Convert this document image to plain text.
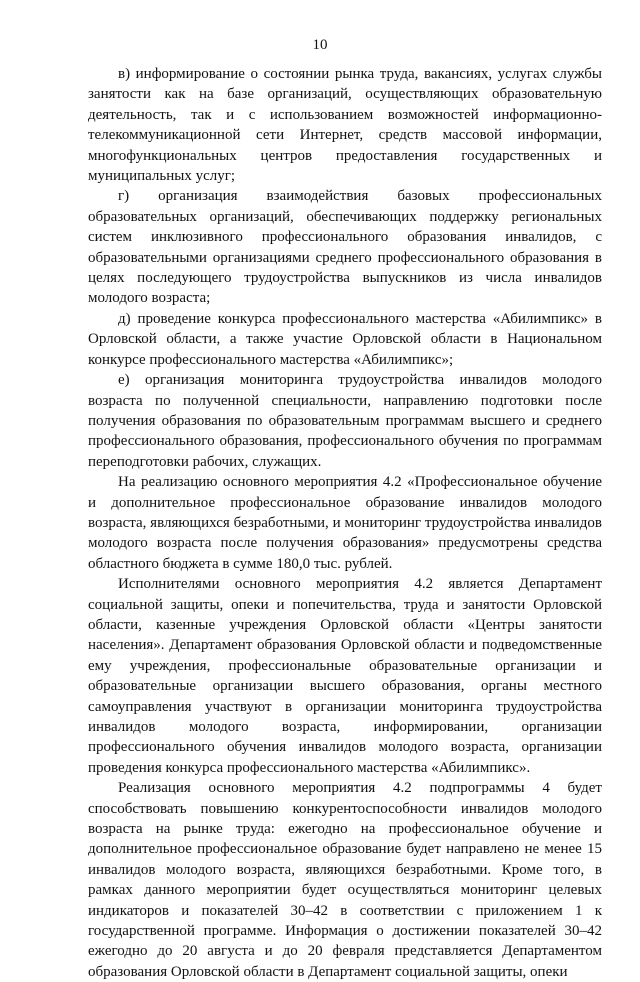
10

в) информирование о состоянии рынка труда, вакансиях, услугах службы занятости как на базе организаций, осуществляющих образовательную деятельность, так и с использованием возможностей информационно-телекоммуникационной сети Интернет, средств массовой информации, многофункциональных центров предоставления государственных и муниципальных услуг;

г) организация взаимодействия базовых профессиональных образовательных организаций, обеспечивающих поддержку региональных систем инклюзивного профессионального образования инвалидов, с образовательными организациями среднего профессионального образования в целях последующего трудоустройства выпускников из числа инвалидов молодого возраста;

д) проведение конкурса профессионального мастерства «Абилимпикс» в Орловской области, а также участие Орловской области в Национальном конкурсе профессионального мастерства «Абилимпикс»;

е) организация мониторинга трудоустройства инвалидов молодого возраста по полученной специальности, направлению подготовки после получения образования по образовательным программам высшего и среднего профессионального образования, профессионального обучения по программам переподготовки рабочих, служащих.

На реализацию основного мероприятия 4.2 «Профессиональное обучение и дополнительное профессиональное образование инвалидов молодого возраста, являющихся безработными, и мониторинг трудоустройства инвалидов молодого возраста после получения образования» предусмотрены средства областного бюджета в сумме 180,0 тыс. рублей.

Исполнителями основного мероприятия 4.2 является Департамент социальной защиты, опеки и попечительства, труда и занятости Орловской области, казенные учреждения Орловской области «Центры занятости населения». Департамент образования Орловской области и подведомственные ему учреждения, профессиональные образовательные организации и образовательные организации высшего образования, органы местного самоуправления участвуют в организации мониторинга трудоустройства инвалидов молодого возраста, информировании, организации профессионального обучения инвалидов молодого возраста, организации проведения конкурса профессионального мастерства «Абилимпикс».

Реализация основного мероприятия 4.2 подпрограммы 4 будет способствовать повышению конкурентоспособности инвалидов молодого возраста на рынке труда: ежегодно на профессиональное обучение и дополнительное профессиональное образование будет направлено не менее 15 инвалидов молодого возраста, являющихся безработными. Кроме того, в рамках данного мероприятии будет осуществляться мониторинг целевых индикаторов и показателей 30–42 в соответствии с приложением 1 к государственной программе. Информация о достижении показателей 30–42 ежегодно до 20 августа и до 20 февраля представляется Департаментом образования Орловской области в Департамент социальной защиты, опеки
